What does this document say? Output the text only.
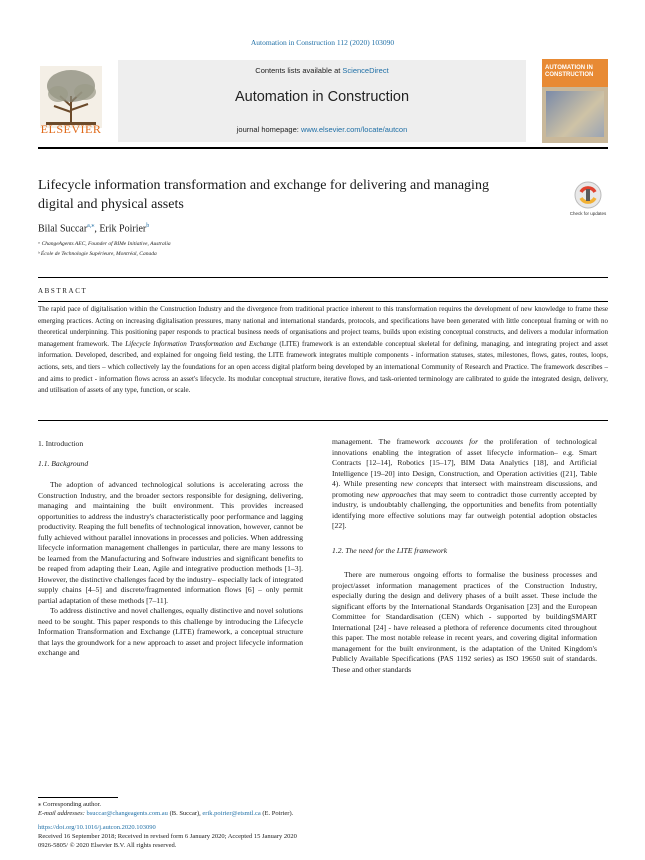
Automation in Construction 112 (2020) 103090
Contents lists available at ScienceDirect
Automation in Construction
journal homepage: www.elsevier.com/locate/autcon
ELSEVIER
AUTOMATION IN CONSTRUCTION
Lifecycle information transformation and exchange for delivering and managing digital and physical assets
Check for updates
Bilal Succar$^{a,⁎}$, Erik Poirier$^b$
ᵃ ChangeAgents AEC, Founder of BIMe Initiative, Australia
ᵇ École de Technologie Supérieure, Montréal, Canada
ABSTRACT
The rapid pace of digitalisation within the Construction Industry and the divergence from traditional practice inherent to this transformation requires the development of new knowledge to frame these emerging practices. Acting on increasing digitalisation pressures, many national and international standards, protocols, and specifications have been generated with little conceptual framing or with no theoretical underpinning. This positioning paper responds to practical business needs of organisations and project teams, builds upon existing conceptual constructs, and delivers a modular information management framework. The Lifecycle Information Transformation and Exchange (LITE) framework is an extendable conceptual skeletal for defining, managing, and integrating project and asset information. Developed, described, and explained for ongoing field testing, the LITE framework integrates multiple components - information statuses, states, milestones, flows, gates, routes, loops, actions, sets, and tiers – which collectively lay the foundations for an open access digital platform being developed by an international Community of Research and Practice. The framework describes – and aims to predict - information flows across an asset's lifecycle. Its modular conceptual structure, iterative flows, and task-oriented terminology are calibrated to guide the integrated design, delivery, and utilisation of assets of any type, function, or scale.
1. Introduction
1.1. Background

The adoption of advanced technological solutions is accelerating across the Construction Industry, and the broader sectors responsible for designing, delivering, managing and maintaining the built environment. This provides increased opportunities to address the industry's characteristically poor performance and lagging productivity. Reaping the full benefits of technological innovation, however, cannot be fully achieved without parallel innovations in processes and policies. When addressing lifecycle information management challenges in particular, there are many lessons to be learned from the Manufacturing and Software industries and significant benefits to be reaped from adapting their Lean, Agile and integrative production methods [1–3]. However, the distinctive challenges faced by the industry– especially lack of integrated supply chains [4–5] and discrete/fragmented information flows [6] – only permit partial adaptation of these methods [7–11].

To address distinctive and novel challenges, equally distinctive and novel solutions need to be sought. This paper responds to this challenge by introducing the Lifecycle Information Transformation and Exchange (LITE) framework, a conceptual structure that lays the groundwork for a new approach to asset and project lifecycle information exchange and

management. The framework accounts for the proliferation of technological innovations enabling the integration of asset lifecycle information– e.g. Smart Contracts [12–14], Robotics [15–17], BIM Data Analytics [18], and Artificial Intelligence [19–20] into Design, Construction, and Operation activities ([21], Table 4). While presenting new concepts that intersect with mainstream discussions, and promoting new approaches that may seem to contradict those currently accepted by industry, is undoubtably challenging, the opportunities and benefits from potentially identifying more effective solutions may far outweigh potential adoption obstacles [22].

1.2. The need for the LITE framework

There are numerous ongoing efforts to formalise the business processes and project/asset information management practices of the Construction Industry, especially during the design and delivery phases of a built asset. These include the significant efforts by the International Standards Organisation [23] and the European Committee for Standardisation (CEN) which - supported by buildingSMART International [24] - have released a plethora of reference documents cited throughout this paper. The most notable release in recent years, and covering digital information management for the built environment, is the adaptation of the United Kingdom's Publicly Available Specifications (PAS 1192 series) as ISO 19650 suit of standards. These and other standards

⁎ Corresponding author.
E-mail addresses: bsuccar@changeagents.com.au (B. Succar), erik.poirier@etsmtl.ca (E. Poirier).
https://doi.org/10.1016/j.autcon.2020.103090
Received 16 September 2018; Received in revised form 6 January 2020; Accepted 15 January 2020
0926-5805/ © 2020 Elsevier B.V. All rights reserved.
